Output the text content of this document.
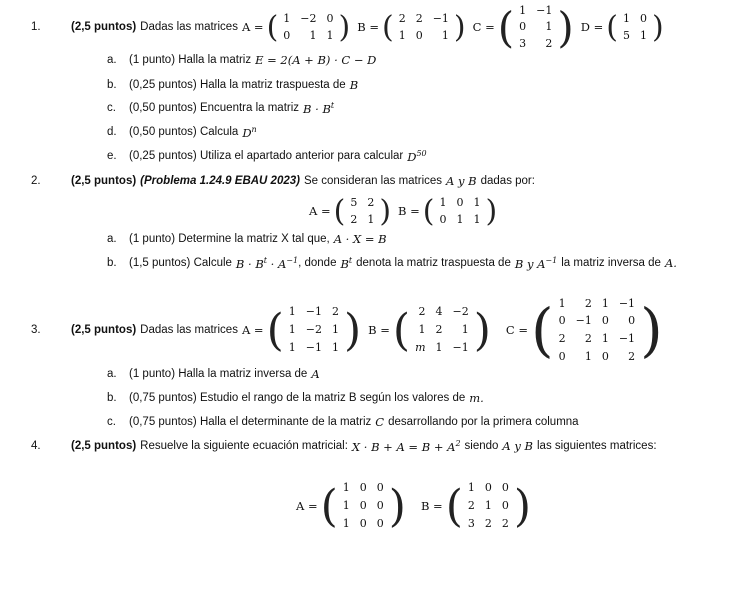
1.	(2,5 puntos) Dadas las matrices A = ( 1 −2 0
0	1 1 ) B = ( 2 2 −1
1 0	1 ) C = ( 1 −1
0	1
3	2 ) D = ( 1 0
5 1 )
a.	(1 punto) Halla la matriz E = 2(A + B) · C − D
b.	(0,25 puntos) Halla la matriz traspuesta de B
c.	(0,50 puntos) Encuentra la matriz $B \cdot B^t$
d.	(0,50 puntos) Calcula $D^n$
e.	(0,25 puntos) Utiliza el apartado anterior para calcular $D^{50}$
2.	(2,5 puntos) (Problema 1.24.9 EBAU 2023) Se consideran las matrices A y B dadas por:
A = ( 5 2
2 1 ) B = ( 1 0 1
0 1 1 )
a.	(1 punto) Determine la matriz X tal que, A · X = B
b.	(1,5 puntos) Calcule $B \cdot B^t \cdot A^{-1}$ , donde $B^t$ denota la matriz traspuesta de B y $A^{-1}$ la matriz inversa de A.
3.	(2,5 puntos) Dadas las matrices A = ( 1 −1 2
1 −2 1
1 −1 1 ) B = ( 2 4 −2
1 2	1
m 1 −1 ) C = ( 1	2 1 −1
0 −1 0	0
2	2 1 −1
0	1 0	2 )
a.	(1 punto) Halla la matriz inversa de A
b.	(0,75 puntos) Estudio el rango de la matriz B según los valores de m.
c.	(0,75 puntos) Halla el determinante de la matriz C desarrollando por la primera columna
4.	(2,5 puntos) Resuelve la siguiente ecuación matricial: $X \cdot B + A = B + A^2$ siendo A y B las siguientes matrices:
A = ( 1 0 0
1 0 0
1 0 0 ) B = ( 1 0 0
2 1 0
3 2 2 )
